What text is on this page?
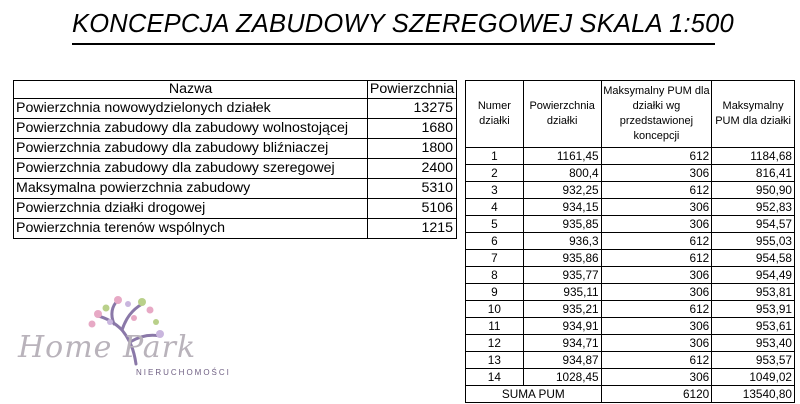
KONCEPCJA ZABUDOWY SZEREGOWEJ SKALA 1:500
Nazwa	Powierzchnia
Powierzchnia nowowydzielonych działek	13275
Powierzchnia zabudowy dla zabudowy wolnostojącej	1680
Powierzchnia zabudowy dla zabudowy bliźniaczej	1800
Powierzchnia zabudowy dla zabudowy szeregowej	2400
Maksymalna powierzchnia zabudowy	5310
Powierzchnia działki drogowej	5106
Powierzchnia terenów wspólnych	1215
Numer działki	Powierzchnia działki	Maksymalny PUM dla działki wg przedstawionej koncepcji	Maksymalny PUM dla działki
1	1161,45	612	1184,68
2	800,4	306	816,41
3	932,25	612	950,90
4	934,15	306	952,83
5	935,85	306	954,57
6	936,3	612	955,03
7	935,86	612	954,58
8	935,77	306	954,49
9	935,11	306	953,81
10	935,21	612	953,91
11	934,91	306	953,61
12	934,71	306	953,40
13	934,87	612	953,57
14	1028,45	306	1049,02
SUMA PUM		6120	13540,80
Home Park
NIERUCHOMOŚCI
